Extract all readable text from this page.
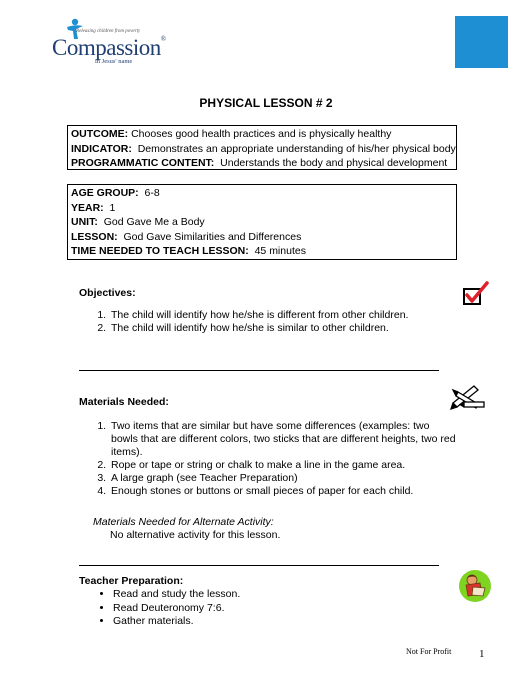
Releasing children from poverty
Compassion®
in Jesus' name
PHYSICAL LESSON # 2
OUTCOME: Chooses good health practices and is physically healthy
INDICATOR: Demonstrates an appropriate understanding of his/her physical body
PROGRAMMATIC CONTENT: Understands the body and physical development
AGE GROUP: 6-8
YEAR: 1
UNIT: God Gave Me a Body
LESSON: God Gave Similarities and Differences
TIME NEEDED TO TEACH LESSON: 45 minutes
Objectives:
1. The child will identify how he/she is different from other children.
2. The child will identify how he/she is similar to other children.
Materials Needed:
1. Two items that are similar but have some differences (examples: two bowls that are different colors, two sticks that are different heights, two red items).
2. Rope or tape or string or chalk to make a line in the game area.
3. A large graph (see Teacher Preparation)
4. Enough stones or buttons or small pieces of paper for each child.
Materials Needed for Alternate Activity:
No alternative activity for this lesson.
Teacher Preparation:
• Read and study the lesson.
• Read Deuteronomy 7:6.
• Gather materials.
Not For Profit	1
